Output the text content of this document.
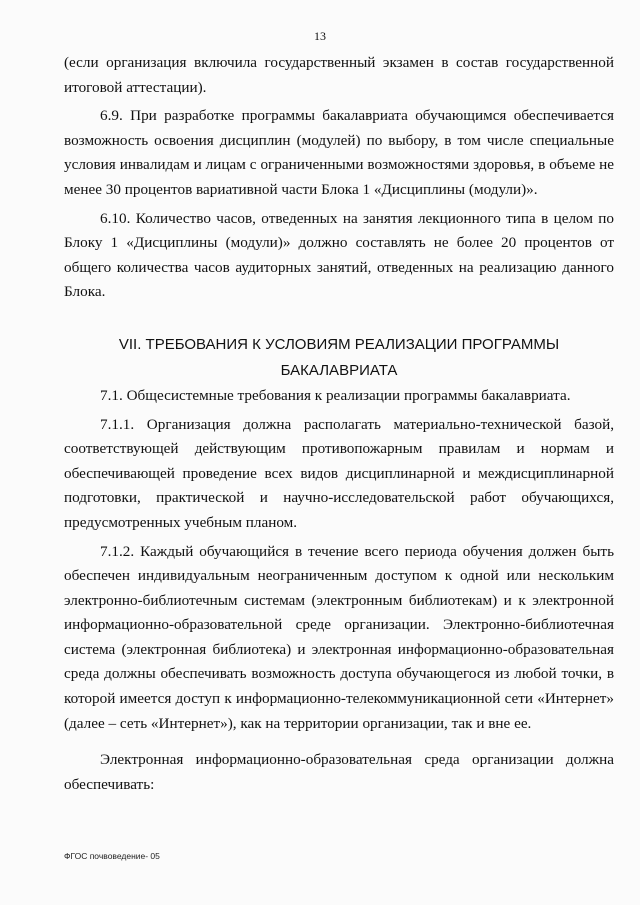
13

(если организация включила государственный экзамен в состав государственной итоговой аттестации).

6.9. При разработке программы бакалавриата обучающимся обеспечивается возможность освоения дисциплин (модулей) по выбору, в том числе специальные условия инвалидам и лицам с ограниченными возможностями здоровья, в объеме не менее 30 процентов вариативной части Блока 1 «Дисциплины (модули)».

6.10. Количество часов, отведенных на занятия лекционного типа в целом по Блоку 1 «Дисциплины (модули)» должно составлять не более 20 процентов от общего количества часов аудиторных занятий, отведенных на реализацию данного Блока.

VII. ТРЕБОВАНИЯ К УСЛОВИЯМ РЕАЛИЗАЦИИ ПРОГРАММЫ БАКАЛАВРИАТА

7.1. Общесистемные требования к реализации программы бакалавриата.

7.1.1. Организация должна располагать материально-технической базой, соответствующей действующим противопожарным правилам и нормам и обеспечивающей проведение всех видов дисциплинарной и междисциплинарной подготовки, практической и научно-исследовательской работ обучающихся, предусмотренных учебным планом.

7.1.2. Каждый обучающийся в течение всего периода обучения должен быть обеспечен индивидуальным неограниченным доступом к одной или нескольким электронно-библиотечным системам (электронным библиотекам) и к электронной информационно-образовательной среде организации. Электронно-библиотечная система (электронная библиотека) и электронная информационно-образовательная среда должны обеспечивать возможность доступа обучающегося из любой точки, в которой имеется доступ к информационно-телекоммуникационной сети «Интернет» (далее – сеть «Интернет»), как на территории организации, так и вне ее.

Электронная информационно-образовательная среда организации должна обеспечивать:

ФГОС почвоведение- 05
